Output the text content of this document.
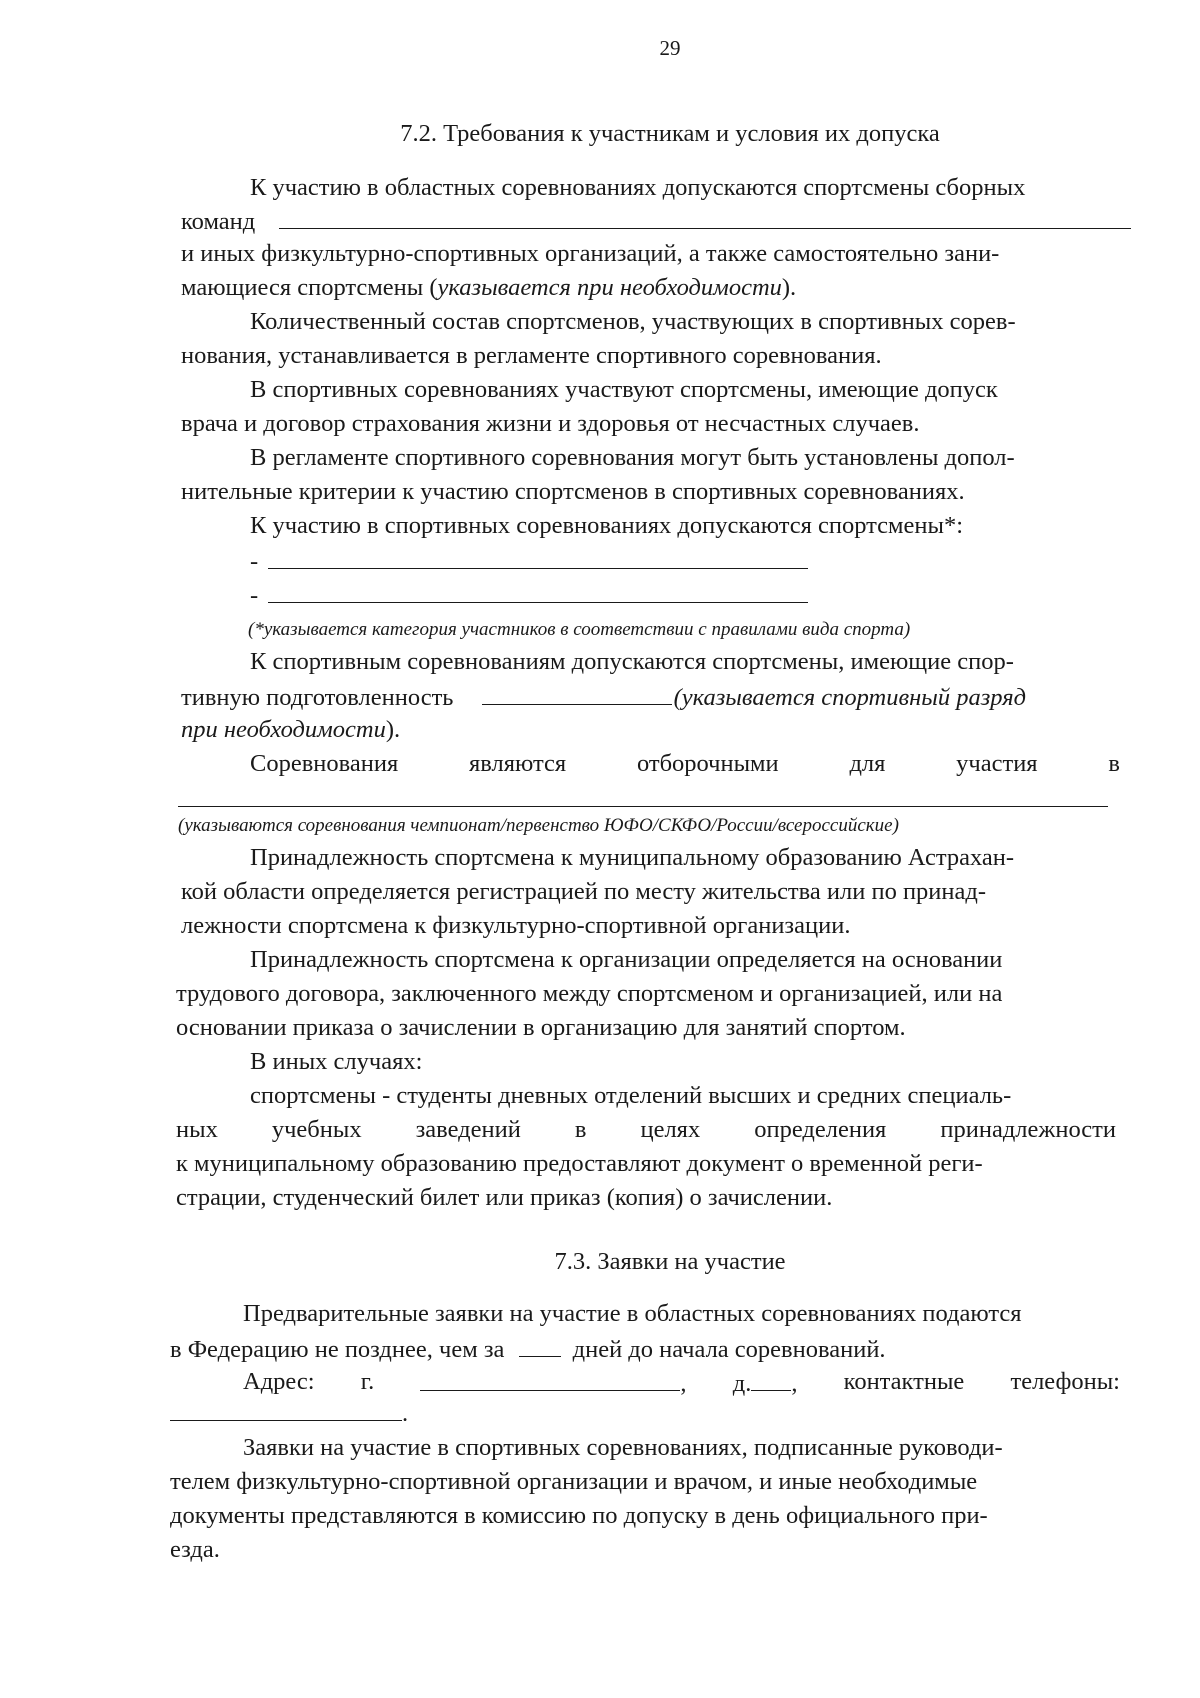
29
7.2. Требования к участникам и условия их допуска
К участию в областных соревнованиях допускаются спортсмены сборных
команд
и иных физкультурно-спортивных организаций, а также самостоятельно зани-
мающиеся спортсмены (указывается при необходимости).
Количественный состав спортсменов, участвующих в спортивных сорев-
нования, устанавливается в регламенте спортивного соревнования.
В спортивных соревнованиях участвуют спортсмены, имеющие допуск
врача и договор страхования жизни и здоровья от несчастных случаев.
В регламенте спортивного соревнования могут быть установлены допол-
нительные критерии к участию спортсменов в спортивных соревнованиях.
К участию в спортивных соревнованиях допускаются спортсмены*:
-
-
(*указывается категория участников в соответствии с правилами вида спорта)
К спортивным соревнованиям допускаются спортсмены, имеющие спор-
тивную подготовленность	(указывается спортивный разряд
при необходимости).
Соревнования	являются	отборочными	для	участия	в
(указываются соревнования чемпионат/первенство ЮФО/СКФО/России/всероссийские)
Принадлежность спортсмена к муниципальному образованию Астрахан-
кой области определяется регистрацией по месту жительства или по принад-
лежности спортсмена к физкультурно-спортивной организации.
Принадлежность спортсмена к организации определяется на основании
трудового договора, заключенного между спортсменом и организацией, или на
основании приказа о зачислении в организацию для занятий спортом.
В иных случаях:
спортсмены - студенты дневных отделений высших и средних специаль-
ных учебных заведений в целях определения принадлежности
к муниципальному образованию предоставляют документ о временной реги-
страции, студенческий билет или приказ (копия) о зачислении.
7.3. Заявки на участие
Предварительные заявки на участие в областных соревнованиях подаются
в Федерацию не позднее, чем за	дней до начала соревнований.
Адрес: г.	, д. , контактные телефоны:
.
Заявки на участие в спортивных соревнованиях, подписанные руководи-
телем физкультурно-спортивной организации и врачом, и иные необходимые
документы представляются в комиссию по допуску в день официального при-
езда.
